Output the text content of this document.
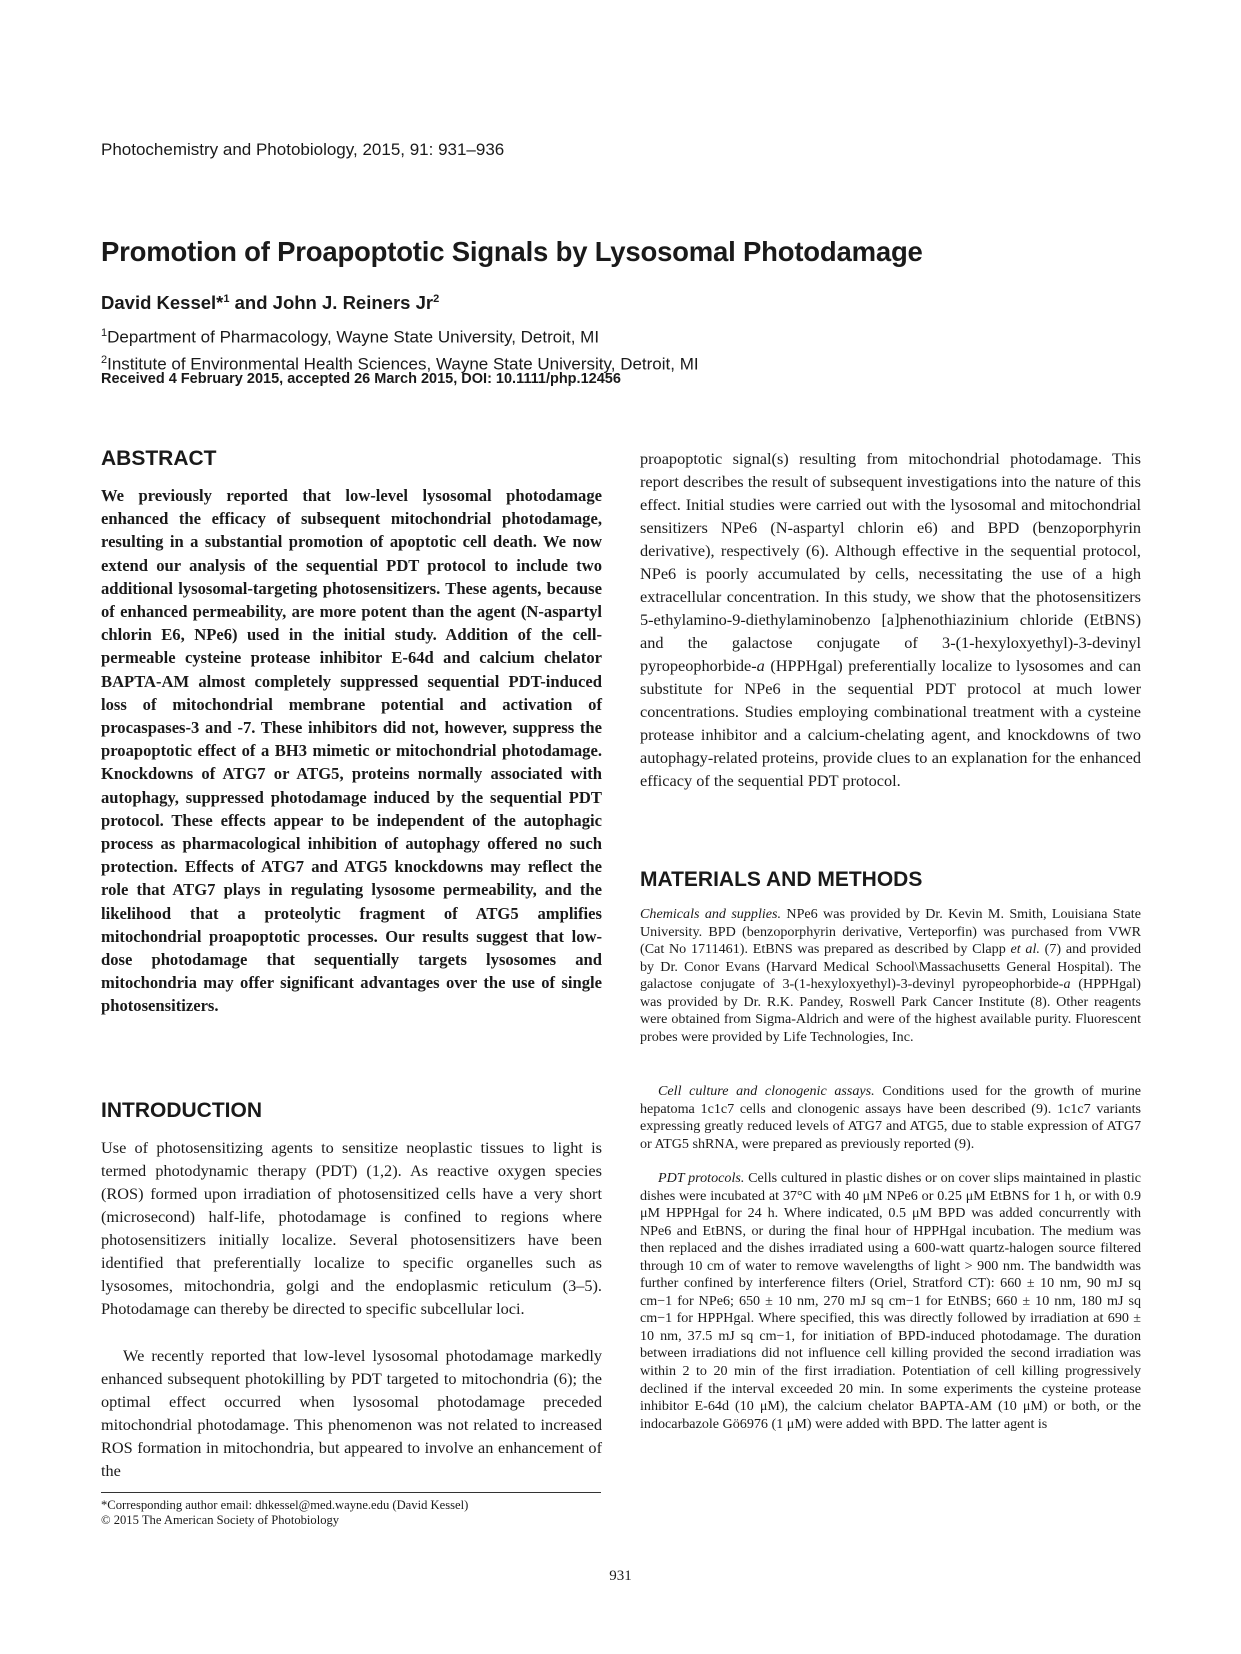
Photochemistry and Photobiology, 2015, 91: 931–936
Promotion of Proapoptotic Signals by Lysosomal Photodamage
David Kessel*$^1$ and John J. Reiners Jr$^2$
$^1$Department of Pharmacology, Wayne State University, Detroit, MI
$^2$Institute of Environmental Health Sciences, Wayne State University, Detroit, MI
Received 4 February 2015, accepted 26 March 2015, DOI: 10.1111/php.12456
ABSTRACT

We previously reported that low-level lysosomal photodamage enhanced the efficacy of subsequent mitochondrial photodamage, resulting in a substantial promotion of apoptotic cell death. We now extend our analysis of the sequential PDT protocol to include two additional lysosomal-targeting photosensitizers. These agents, because of enhanced permeability, are more potent than the agent (N-aspartyl chlorin E6, NPe6) used in the initial study. Addition of the cell-permeable cysteine protease inhibitor E-64d and calcium chelator BAPTA-AM almost completely suppressed sequential PDT-induced loss of mitochondrial membrane potential and activation of procaspases-3 and -7. These inhibitors did not, however, suppress the proapoptotic effect of a BH3 mimetic or mitochondrial photodamage. Knockdowns of ATG7 or ATG5, proteins normally associated with autophagy, suppressed photodamage induced by the sequential PDT protocol. These effects appear to be independent of the autophagic process as pharmacological inhibition of autophagy offered no such protection. Effects of ATG7 and ATG5 knockdowns may reflect the role that ATG7 plays in regulating lysosome permeability, and the likelihood that a proteolytic fragment of ATG5 amplifies mitochondrial proapoptotic processes. Our results suggest that low-dose photodamage that sequentially targets lysosomes and mitochondria may offer significant advantages over the use of single photosensitizers.

INTRODUCTION

Use of photosensitizing agents to sensitize neoplastic tissues to light is termed photodynamic therapy (PDT) (1,2). As reactive oxygen species (ROS) formed upon irradiation of photosensitized cells have a very short (microsecond) half-life, photodamage is confined to regions where photosensitizers initially localize. Several photosensitizers have been identified that preferentially localize to specific organelles such as lysosomes, mitochondria, golgi and the endoplasmic reticulum (3–5). Photodamage can thereby be directed to specific subcellular loci.

We recently reported that low-level lysosomal photodamage markedly enhanced subsequent photokilling by PDT targeted to mitochondria (6); the optimal effect occurred when lysosomal photodamage preceded mitochondrial photodamage. This phenomenon was not related to increased ROS formation in mitochondria, but appeared to involve an enhancement of the

proapoptotic signal(s) resulting from mitochondrial photodamage. This report describes the result of subsequent investigations into the nature of this effect. Initial studies were carried out with the lysosomal and mitochondrial sensitizers NPe6 (N-aspartyl chlorin e6) and BPD (benzoporphyrin derivative), respectively (6). Although effective in the sequential protocol, NPe6 is poorly accumulated by cells, necessitating the use of a high extracellular concentration. In this study, we show that the photosensitizers 5-ethylamino-9-diethylaminobenzo [a]phenothiazinium chloride (EtBNS) and the galactose conjugate of 3-(1-hexyloxyethyl)-3-devinyl pyropeophorbide-a (HPPHgal) preferentially localize to lysosomes and can substitute for NPe6 in the sequential PDT protocol at much lower concentrations. Studies employing combinational treatment with a cysteine protease inhibitor and a calcium-chelating agent, and knockdowns of two autophagy-related proteins, provide clues to an explanation for the enhanced efficacy of the sequential PDT protocol.

MATERIALS AND METHODS

Chemicals and supplies. NPe6 was provided by Dr. Kevin M. Smith, Louisiana State University. BPD (benzoporphyrin derivative, Verteporfin) was purchased from VWR (Cat No 1711461). EtBNS was prepared as described by Clapp et al. (7) and provided by Dr. Conor Evans (Harvard Medical School\Massachusetts General Hospital). The galactose conjugate of 3-(1-hexyloxyethyl)-3-devinyl pyropeophorbide-a (HPPHgal) was provided by Dr. R.K. Pandey, Roswell Park Cancer Institute (8). Other reagents were obtained from Sigma-Aldrich and were of the highest available purity. Fluorescent probes were provided by Life Technologies, Inc.

Cell culture and clonogenic assays. Conditions used for the growth of murine hepatoma 1c1c7 cells and clonogenic assays have been described (9). 1c1c7 variants expressing greatly reduced levels of ATG7 and ATG5, due to stable expression of ATG7 or ATG5 shRNA, were prepared as previously reported (9).

PDT protocols. Cells cultured in plastic dishes or on cover slips maintained in plastic dishes were incubated at 37°C with 40 μM NPe6 or 0.25 μM EtBNS for 1 h, or with 0.9 μM HPPHgal for 24 h. Where indicated, 0.5 μM BPD was added concurrently with NPe6 and EtBNS, or during the final hour of HPPHgal incubation. The medium was then replaced and the dishes irradiated using a 600-watt quartz-halogen source filtered through 10 cm of water to remove wavelengths of light > 900 nm. The bandwidth was further confined by interference filters (Oriel, Stratford CT): 660 ± 10 nm, 90 mJ sq cm−1 for NPe6; 650 ± 10 nm, 270 mJ sq cm−1 for EtNBS; 660 ± 10 nm, 180 mJ sq cm−1 for HPPHgal. Where specified, this was directly followed by irradiation at 690 ± 10 nm, 37.5 mJ sq cm−1, for initiation of BPD-induced photodamage. The duration between irradiations did not influence cell killing provided the second irradiation was within 2 to 20 min of the first irradiation. Potentiation of cell killing progressively declined if the interval exceeded 20 min. In some experiments the cysteine protease inhibitor E-64d (10 μM), the calcium chelator BAPTA-AM (10 μM) or both, or the indocarbazole Gö6976 (1 μM) were added with BPD. The latter agent is

*Corresponding author email: dhkessel@med.wayne.edu (David Kessel)
© 2015 The American Society of Photobiology
931
